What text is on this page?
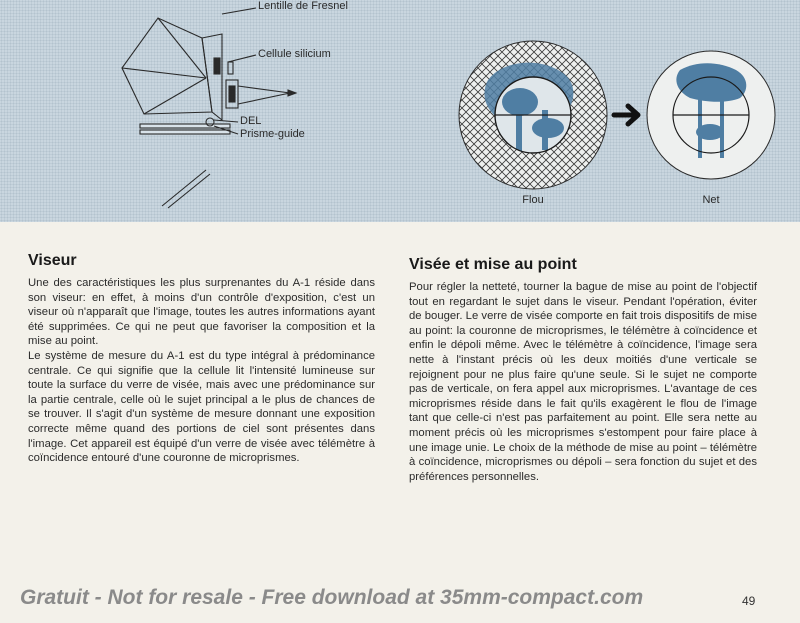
Lentille de Fresnel
Cellule silicium
DEL
Prisme-guide
Flou	Net
Viseur

Une des caractéristiques les plus surprenantes du A-1 réside dans son viseur: en effet, à moins d'un contrôle d'exposition, c'est un viseur où n'apparaît que l'image, toutes les autres informations ayant été supprimées. Ce qui ne peut que favoriser la composition et la mise au point.

Le système de mesure du A-1 est du type intégral à prédominance centrale. Ce qui signifie que la cellule lit l'intensité lumineuse sur toute la surface du verre de visée, mais avec une prédominance sur la partie centrale, celle où le sujet principal a le plus de chances de se trouver. Il s'agit d'un système de mesure donnant une exposition correcte même quand des portions de ciel sont présentes dans l'image. Cet appareil est équipé d'un verre de visée avec télémètre à coïncidence entouré d'une couronne de microprismes.

Visée et mise au point

Pour régler la netteté, tourner la bague de mise au point de l'objectif tout en regardant le sujet dans le viseur. Pendant l'opération, éviter de bouger. Le verre de visée comporte en fait trois dispositifs de mise au point: la couronne de microprismes, le télémètre à coïncidence et enfin le dépoli même. Avec le télémètre à coïncidence, l'image sera nette à l'instant précis où les deux moitiés d'une verticale se rejoignent pour ne plus faire qu'une seule. Si le sujet ne comporte pas de verticale, on fera appel aux microprismes. L'avantage de ces microprismes réside dans le fait qu'ils exagèrent le flou de l'image tant que celle-ci n'est pas parfaitement au point. Elle sera nette au moment précis où les microprismes s'estompent pour faire place à une image unie. Le choix de la méthode de mise au point – télémètre à coïncidence, microprismes ou dépoli – sera fonction du sujet et des préférences personnelles.

Gratuit - Not for resale - Free download at 35mm-compact.com	49
